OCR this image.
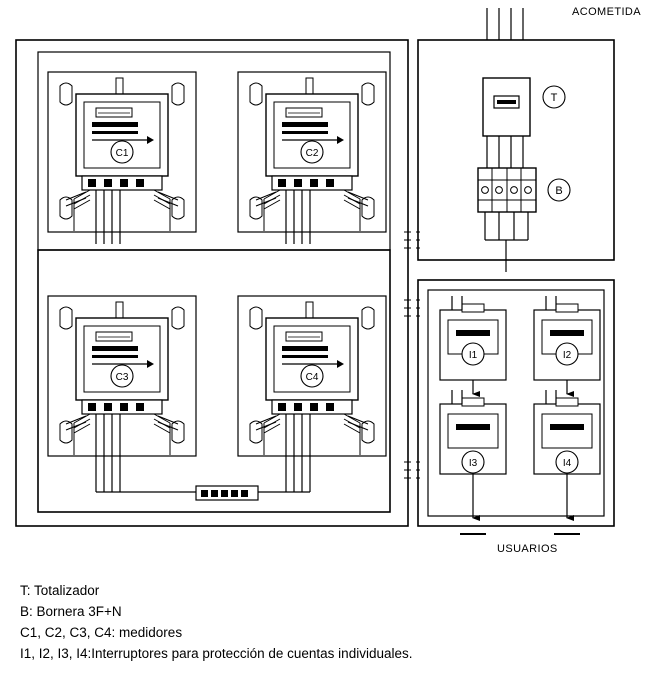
T
B
C1	C2
C3	C4
I1	I2
I3	I4
ACOMETIDA
USUARIOS
T: Totalizador
B: Bornera 3F+N
C1, C2, C3, C4: medidores
I1, I2, I3, I4:Interruptores para protección de cuentas individuales.
